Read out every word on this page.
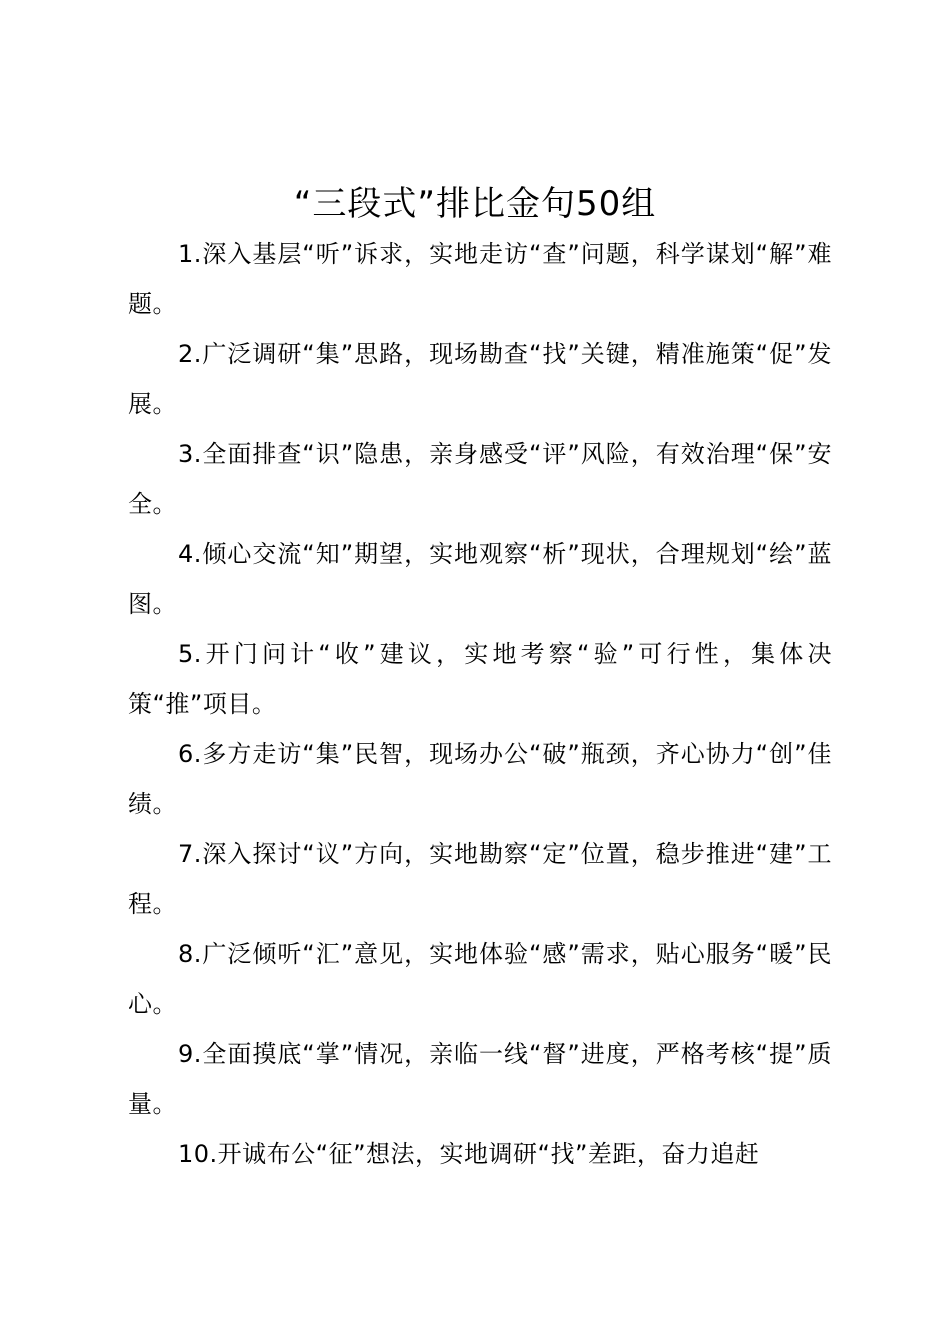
“三段式”排比金句50组

1.深入基层“听”诉求，实地走访“查”问题，科学谋划“解”难题。

2.广泛调研“集”思路，现场勘查“找”关键，精准施策“促”发展。

3.全面排查“识”隐患，亲身感受“评”风险，有效治理“保”安全。

4.倾心交流“知”期望，实地观察“析”现状，合理规划“绘”蓝图。

5.开门问计“收”建议，实地考察“验”可行性，集体决策“推”项目。

6.多方走访“集”民智，现场办公“破”瓶颈，齐心协力“创”佳绩。

7.深入探讨“议”方向，实地勘察“定”位置，稳步推进“建”工程。

8.广泛倾听“汇”意见，实地体验“感”需求，贴心服务“暖”民心。

9.全面摸底“掌”情况，亲临一线“督”进度，严格考核“提”质量。

10.开诚布公“征”想法，实地调研“找”差距，奋力追赶
